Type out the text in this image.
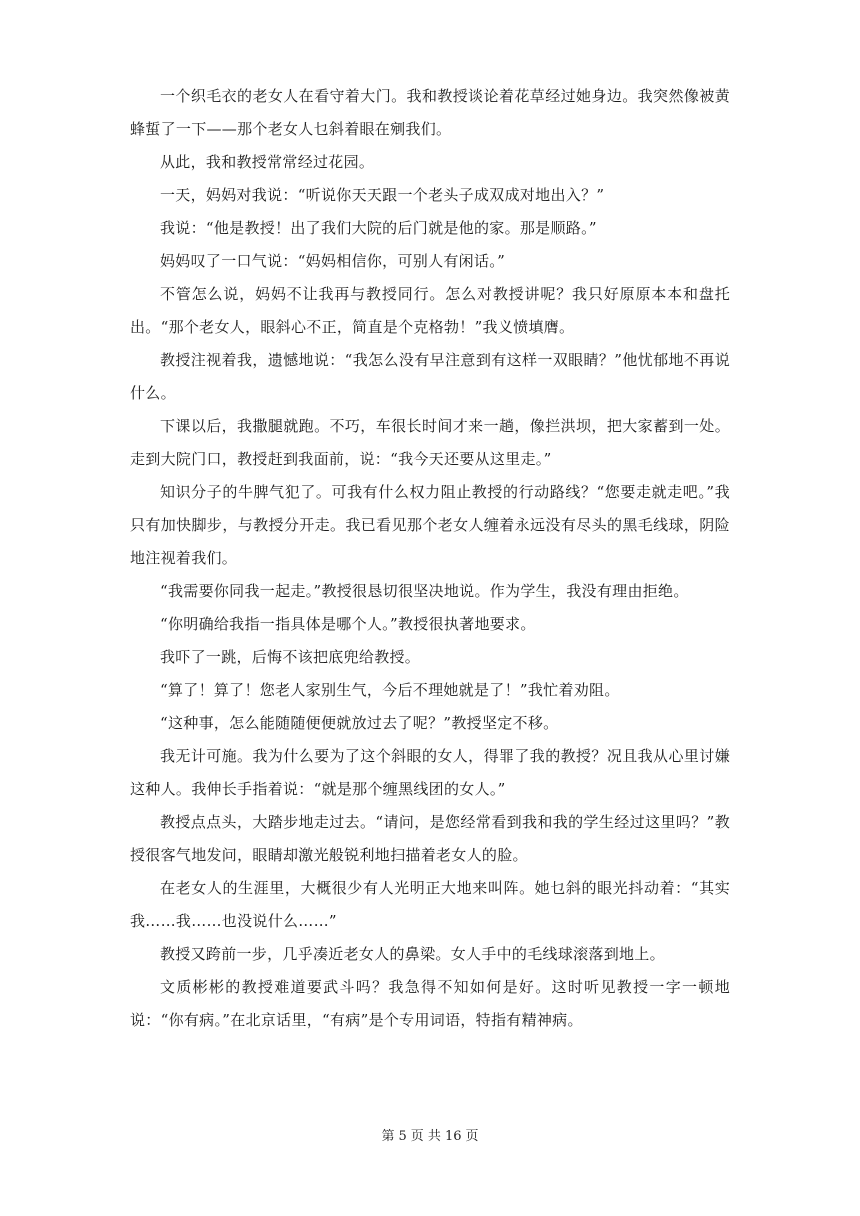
一个织毛衣的老女人在看守着大门。我和教授谈论着花草经过她身边。我突然像被黄蜂蜇了一下——那个老女人乜斜着眼在剜我们。

从此，我和教授常常经过花园。

一天，妈妈对我说：“听说你天天跟一个老头子成双成对地出入？”

我说：“他是教授！出了我们大院的后门就是他的家。那是顺路。”

妈妈叹了一口气说：“妈妈相信你，可别人有闲话。”

不管怎么说，妈妈不让我再与教授同行。怎么对教授讲呢？我只好原原本本和盘托出。“那个老女人，眼斜心不正，简直是个克格勃！”我义愤填膺。

教授注视着我，遗憾地说：“我怎么没有早注意到有这样一双眼睛？”他忧郁地不再说什么。

下课以后，我撒腿就跑。不巧，车很长时间才来一趟，像拦洪坝，把大家蓄到一处。走到大院门口，教授赶到我面前，说：“我今天还要从这里走。”

知识分子的牛脾气犯了。可我有什么权力阻止教授的行动路线？“您要走就走吧。”我只有加快脚步，与教授分开走。我已看见那个老女人缠着永远没有尽头的黑毛线球，阴险地注视着我们。

“我需要你同我一起走。”教授很恳切很坚决地说。作为学生，我没有理由拒绝。

“你明确给我指一指具体是哪个人。”教授很执著地要求。

我吓了一跳，后悔不该把底兜给教授。

“算了！算了！您老人家别生气，今后不理她就是了！”我忙着劝阻。

“这种事，怎么能随随便便就放过去了呢？”教授坚定不移。

我无计可施。我为什么要为了这个斜眼的女人，得罪了我的教授？况且我从心里讨嫌这种人。我伸长手指着说：“就是那个缠黑线团的女人。”

教授点点头，大踏步地走过去。“请问，是您经常看到我和我的学生经过这里吗？”教授很客气地发问，眼睛却激光般锐利地扫描着老女人的脸。

在老女人的生涯里，大概很少有人光明正大地来叫阵。她乜斜的眼光抖动着：“其实我……我……也没说什么……”

教授又跨前一步，几乎凑近老女人的鼻梁。女人手中的毛线球滚落到地上。

文质彬彬的教授难道要武斗吗？我急得不知如何是好。这时听见教授一字一顿地说：“你有病。”在北京话里，“有病”是个专用词语，特指有精神病。

第 5 页 共 16 页
